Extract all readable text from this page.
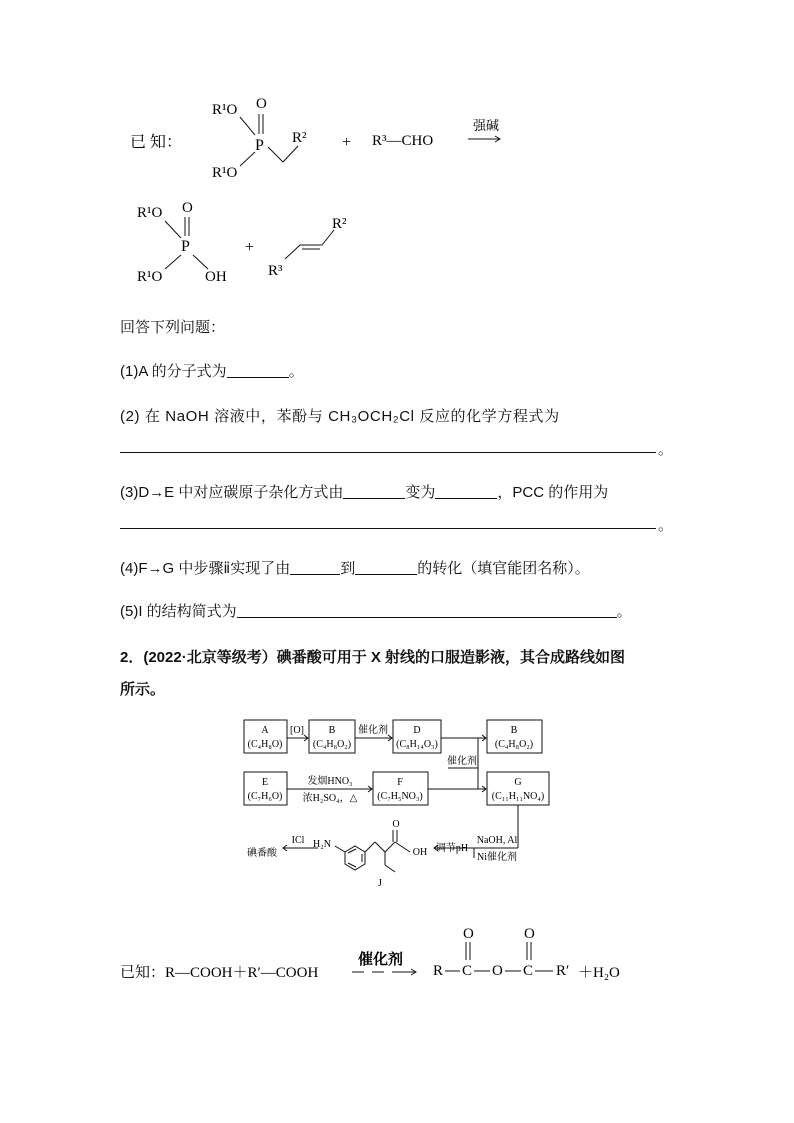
已 知：
R¹O
R¹O
P
O
R² + R³—CHO
强碱
R¹O
R¹O
P
O
OH
+
R²
R³
回答下列问题：
(1)A 的分子式为	。
(2) 在 NaOH 溶液中，苯酚与 CH₃OCH₂Cl 反应的化学方程式为
。
(3)D→E 中对应碳原子杂化方式由	变为	，PCC 的作用为
。
(4)F→G 中步骤ⅱ实现了由	到	的转化（填官能团名称）。
(5)I 的结构简式为	。
2．(2022·北京等级考）碘番酸可用于 X 射线的口服造影液，其合成路线如图
所示。
A
(C₄H₈O)
[O] B
(C₄H₈O₂)
催化剂	D
(C₈H₁₄O₃)
E
(C₇H₆O)
发烟HNO₃
浓H₂SO₄，△
F
(C₇H₅NO₃)
催化剂
B
(C₄H₈O₂)
G
(C₁₁H₁₁NO₄)
NaOH, Al
Ni催化剂
调节pH
H₂N
O
OH
J
ICl
碘番酸
已知：R—COOH＋R′—COOH
催化剂
R C
O
O C
O
R′ ＋H₂O
